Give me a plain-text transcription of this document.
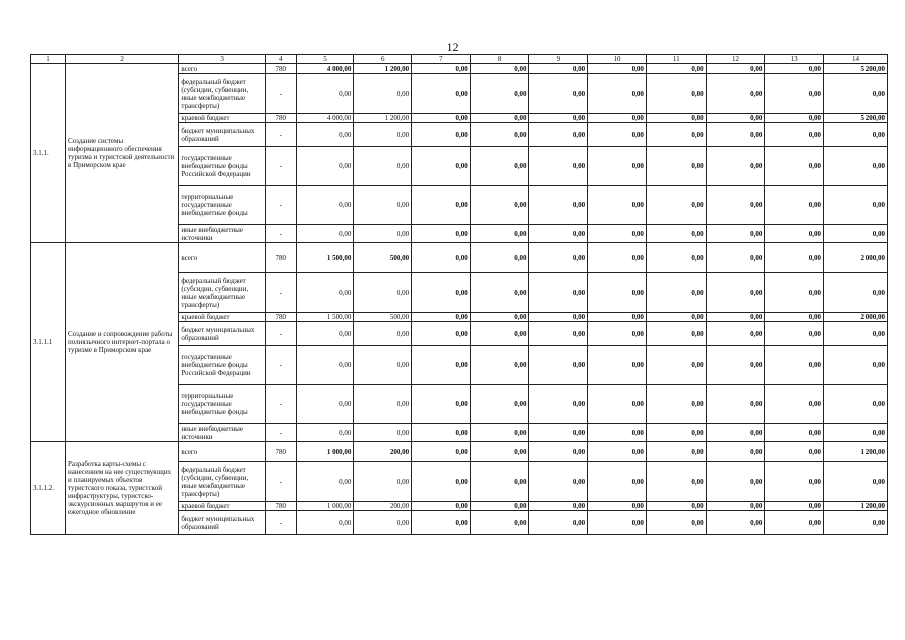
12
1	2	3	4	5	6	7	8	9	10	11	12	13	14
3.1.1.	Создание системы информационного обеспечения туризма и туристской деятельности в Приморском крае	всего	780	4 000,00	1 200,00	0,00	0,00	0,00	0,00	0,00	0,00	0,00	5 200,00
		федеральный бюджет (субсидии, субвенции, иные межбюджетные трансферты)	-	0,00	0,00	0,00	0,00	0,00	0,00	0,00	0,00	0,00	0,00
		краевой бюджет	780	4 000,00	1 200,00	0,00	0,00	0,00	0,00	0,00	0,00	0,00	5 200,00
		бюджет муниципальных образований	-	0,00	0,00	0,00	0,00	0,00	0,00	0,00	0,00	0,00	0,00
		государственные внебюджетные фонды Российской Федерации	-	0,00	0,00	0,00	0,00	0,00	0,00	0,00	0,00	0,00	0,00
		территориальные государственные внебюджетные фонды	-	0,00	0,00	0,00	0,00	0,00	0,00	0,00	0,00	0,00	0,00
		иные внебюджетные источники	-	0,00	0,00	0,00	0,00	0,00	0,00	0,00	0,00	0,00	0,00
3.1.1.1	Создание и сопровождение работы полиязычного интернет-портала о туризме в Приморском крае	всего	780	1 500,00	500,00	0,00	0,00	0,00	0,00	0,00	0,00	0,00	2 000,00
		федеральный бюджет (субсидии, субвенции, иные межбюджетные трансферты)	-	0,00	0,00	0,00	0,00	0,00	0,00	0,00	0,00	0,00	0,00
		краевой бюджет	780	1 500,00	500,00	0,00	0,00	0,00	0,00	0,00	0,00	0,00	2 000,00
		бюджет муниципальных образований	-	0,00	0,00	0,00	0,00	0,00	0,00	0,00	0,00	0,00	0,00
		государственные внебюджетные фонды Российской Федерации	-	0,00	0,00	0,00	0,00	0,00	0,00	0,00	0,00	0,00	0,00
		территориальные государственные внебюджетные фонды	-	0,00	0,00	0,00	0,00	0,00	0,00	0,00	0,00	0,00	0,00
		иные внебюджетные источники	-	0,00	0,00	0,00	0,00	0,00	0,00	0,00	0,00	0,00	0,00
3.1.1.2.	Разработка карты-схемы с нанесением на нее существующих и планируемых объектов туристского показа, туристской инфраструктуры, туристско-экскурсионных маршрутов и ее ежегодное обновление	всего	780	1 000,00	200,00	0,00	0,00	0,00	0,00	0,00	0,00	0,00	1 200,00
		федеральный бюджет (субсидии, субвенции, иные межбюджетные трансферты)	-	0,00	0,00	0,00	0,00	0,00	0,00	0,00	0,00	0,00	0,00
		краевой бюджет	780	1 000,00	200,00	0,00	0,00	0,00	0,00	0,00	0,00	0,00	1 200,00
		бюджет муниципальных образований	-	0,00	0,00	0,00	0,00	0,00	0,00	0,00	0,00	0,00	0,00
